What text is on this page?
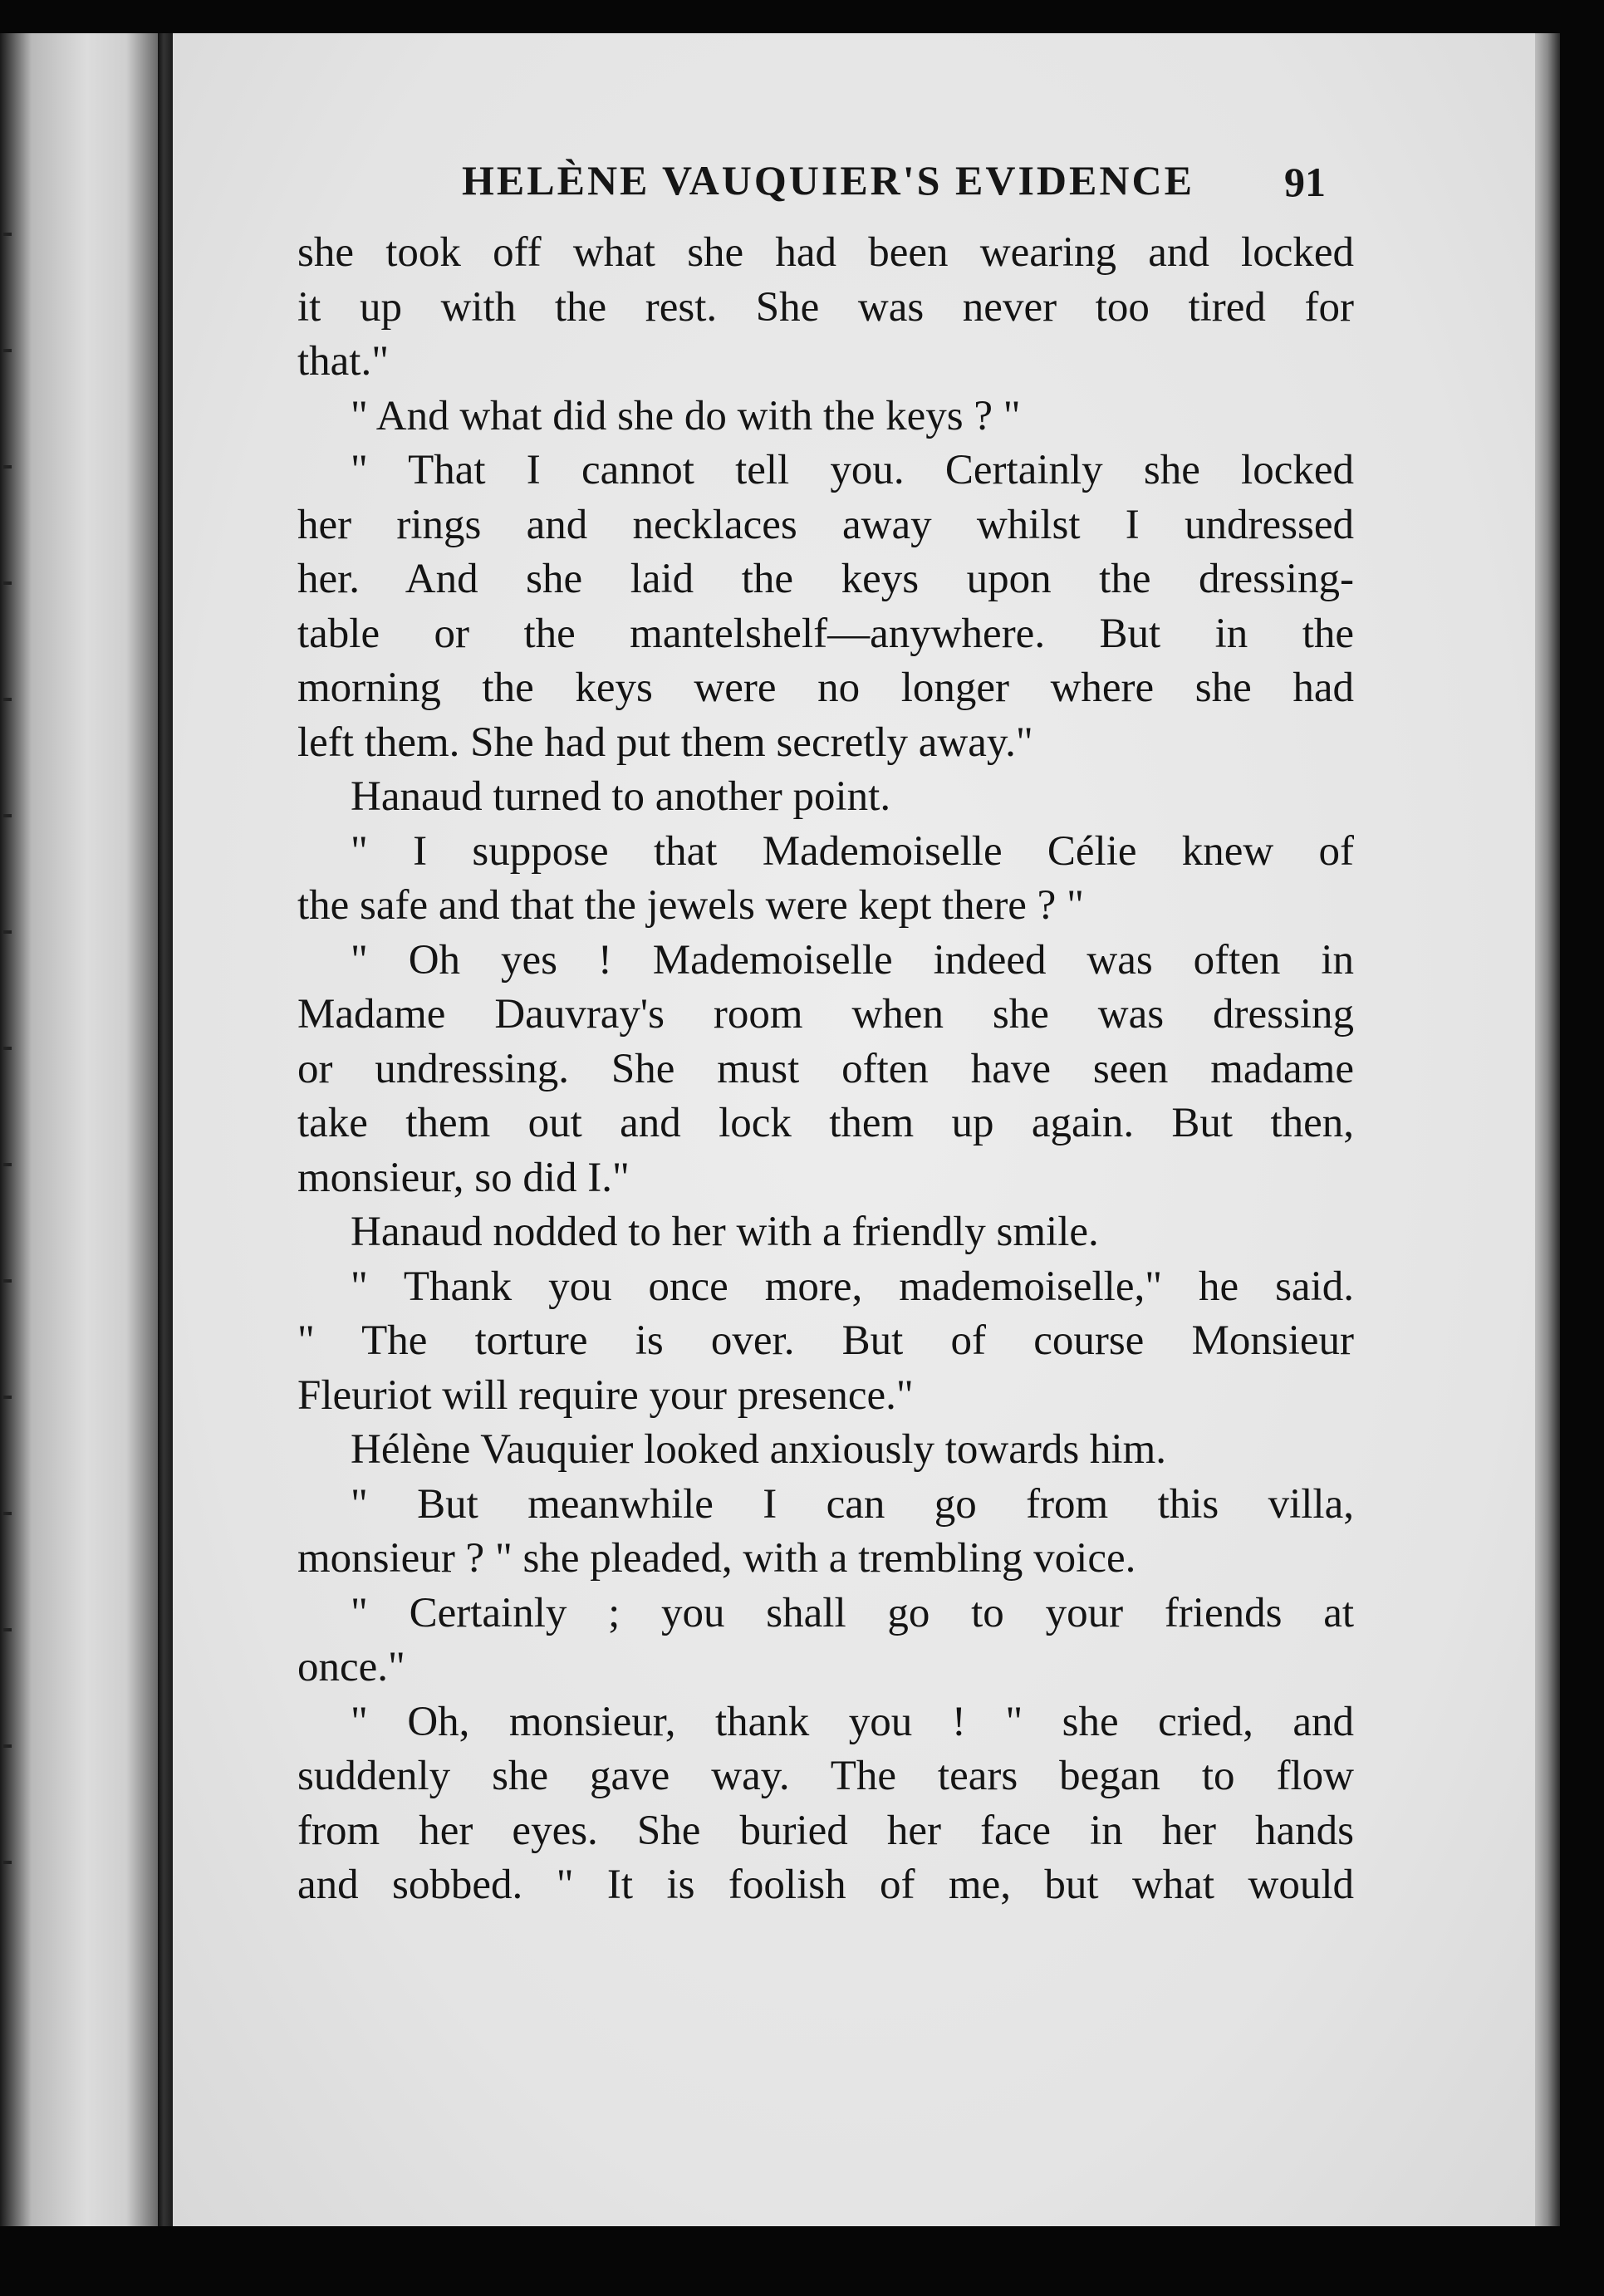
HELÈNE VAUQUIER'S EVIDENCE 91
she took off what she had been wearing and locked
it up with the rest. She was never too tired for
that."
" And what did she do with the keys ? "
" That I cannot tell you. Certainly she locked
her rings and necklaces away whilst I undressed
her. And she laid the keys upon the dressing-
table or the mantelshelf—anywhere. But in the
morning the keys were no longer where she had
left them. She had put them secretly away."
Hanaud turned to another point.
" I suppose that Mademoiselle Célie knew of
the safe and that the jewels were kept there ? "
" Oh yes ! Mademoiselle indeed was often in
Madame Dauvray's room when she was dressing
or undressing. She must often have seen madame
take them out and lock them up again. But then,
monsieur, so did I."
Hanaud nodded to her with a friendly smile.
" Thank you once more, mademoiselle," he said.
" The torture is over. But of course Monsieur
Fleuriot will require your presence."
Hélène Vauquier looked anxiously towards him.
" But meanwhile I can go from this villa,
monsieur ? " she pleaded, with a trembling voice.
" Certainly ; you shall go to your friends at
once."
" Oh, monsieur, thank you ! " she cried, and
suddenly she gave way. The tears began to flow
from her eyes. She buried her face in her hands
and sobbed. " It is foolish of me, but what would
